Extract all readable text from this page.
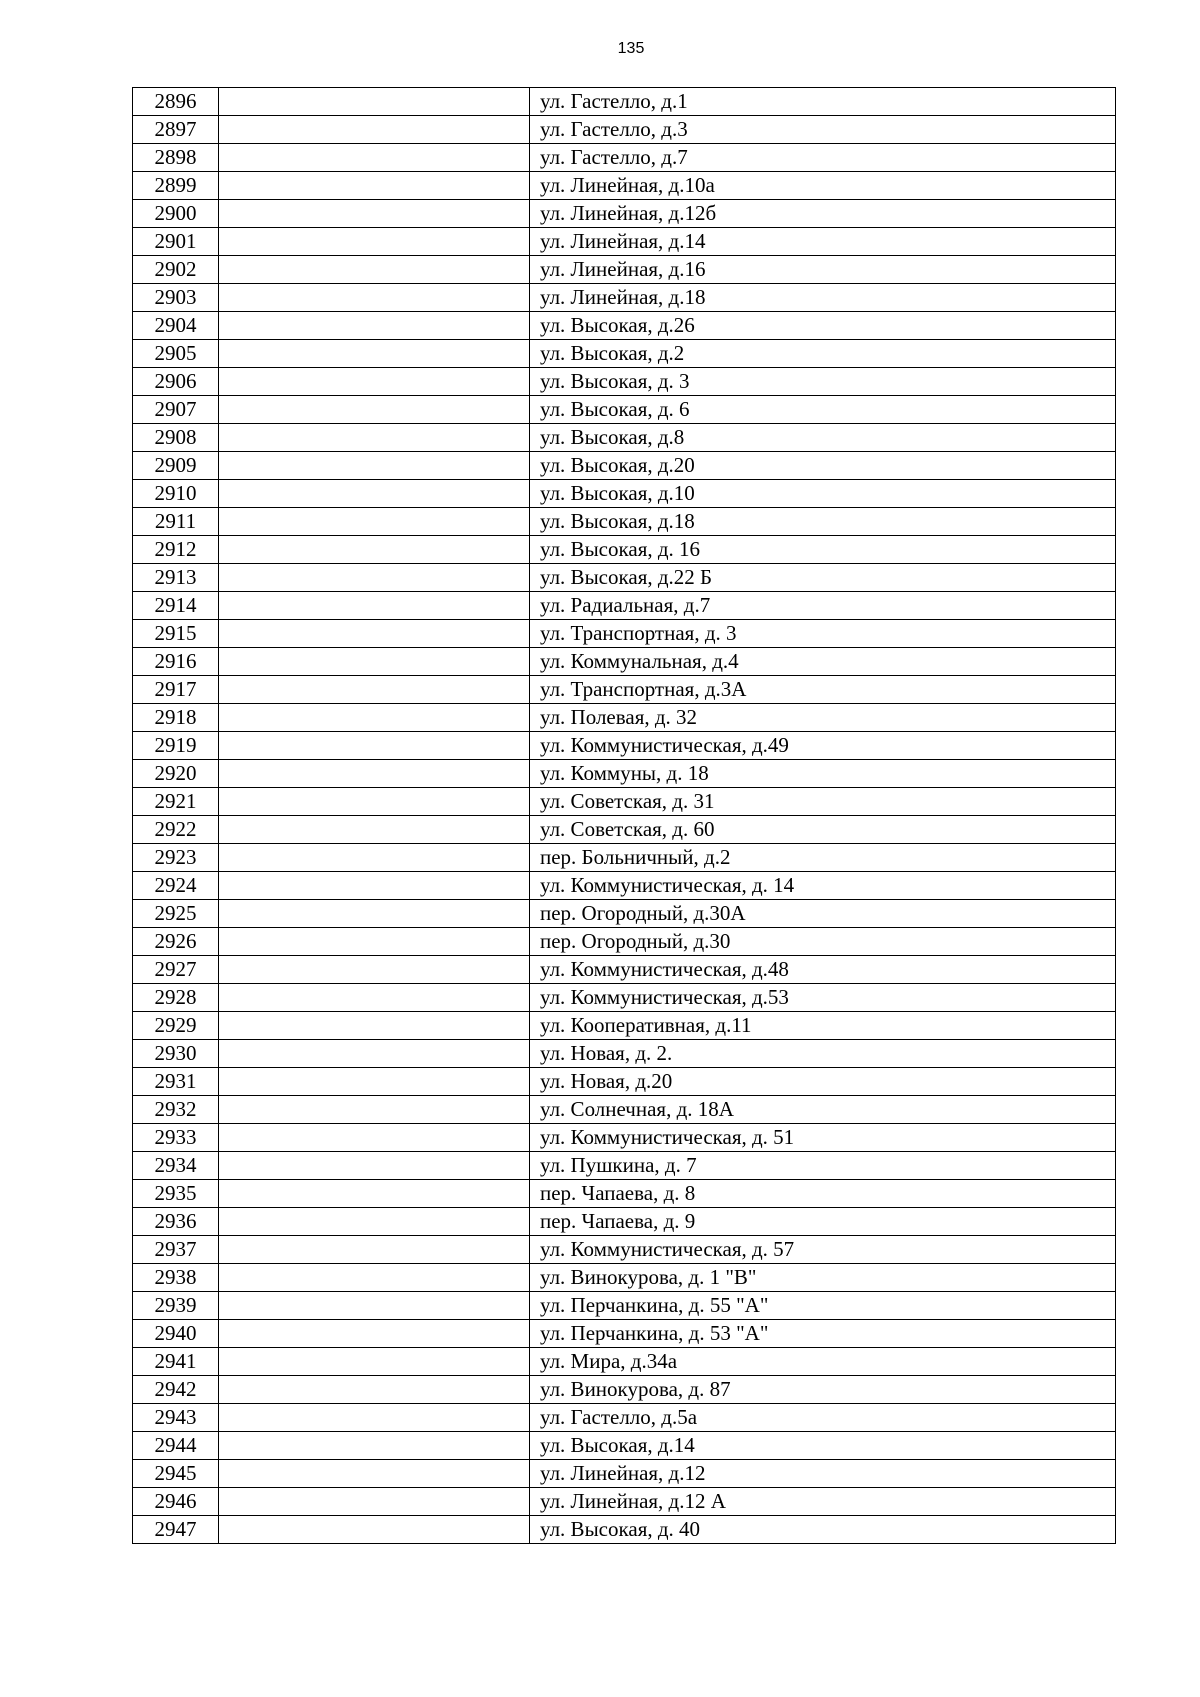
135
2896		ул. Гастелло, д.1
2897		ул. Гастелло, д.3
2898		ул. Гастелло, д.7
2899		ул. Линейная, д.10а
2900		ул. Линейная, д.12б
2901		ул. Линейная, д.14
2902		ул. Линейная, д.16
2903		ул. Линейная, д.18
2904		ул. Высокая, д.26
2905		ул. Высокая, д.2
2906		ул. Высокая, д. 3
2907		ул. Высокая, д. 6
2908		ул. Высокая, д.8
2909		ул. Высокая, д.20
2910		ул. Высокая, д.10
2911		ул. Высокая, д.18
2912		ул. Высокая, д. 16
2913		ул. Высокая, д.22 Б
2914		ул. Радиальная, д.7
2915		ул. Транспортная, д. 3
2916		ул. Коммунальная, д.4
2917		ул. Транспортная, д.3А
2918		ул. Полевая, д. 32
2919		ул. Коммунистическая, д.49
2920		ул. Коммуны, д. 18
2921		ул. Советская, д. 31
2922		ул. Советская, д. 60
2923		пер. Больничный, д.2
2924		ул. Коммунистическая, д. 14
2925		пер. Огородный, д.30А
2926		пер. Огородный, д.30
2927		ул. Коммунистическая, д.48
2928		ул. Коммунистическая, д.53
2929		ул. Кооперативная, д.11
2930		ул. Новая, д. 2.
2931		ул. Новая, д.20
2932		ул. Солнечная, д. 18А
2933		ул. Коммунистическая, д. 51
2934		ул. Пушкина, д. 7
2935		пер. Чапаева, д. 8
2936		пер. Чапаева, д. 9
2937		ул. Коммунистическая, д. 57
2938		ул. Винокурова, д. 1 "В"
2939		ул. Перчанкина, д. 55 "А"
2940		ул. Перчанкина, д. 53 "А"
2941		ул. Мира, д.34а
2942		ул. Винокурова, д. 87
2943		ул. Гастелло, д.5а
2944		ул. Высокая, д.14
2945		ул. Линейная, д.12
2946		ул. Линейная, д.12 А
2947		ул. Высокая, д. 40
